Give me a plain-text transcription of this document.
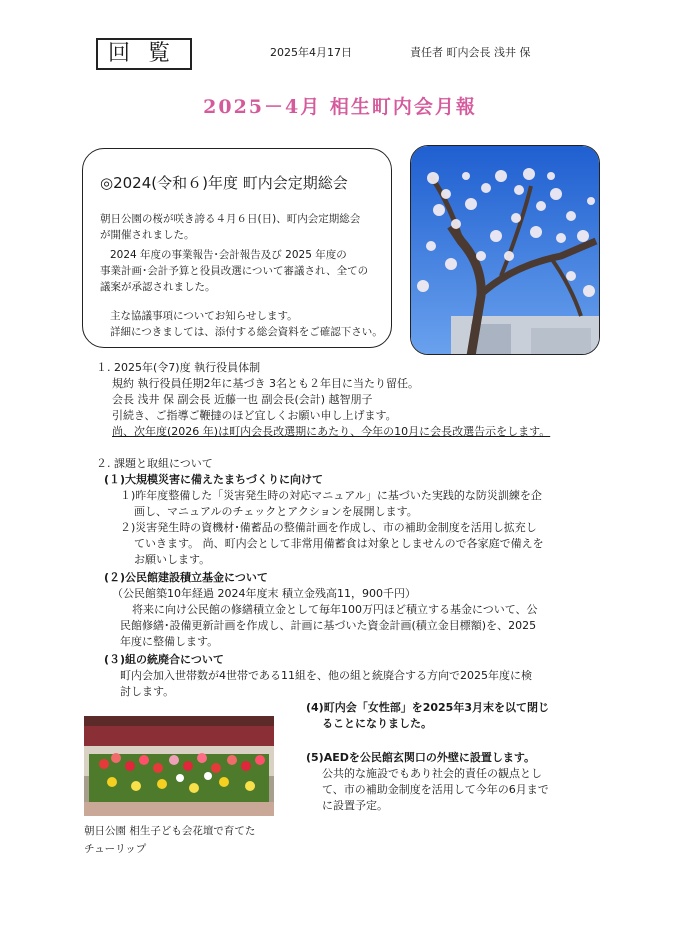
回覧	2025年4月17日	責任者 町内会長 浅井 保
2025－4月 相生町内会月報
◎2024(令和６)年度 町内会定期総会
朝日公園の桜が咲き誇る４月６日(日)、町内会定期総会
が開催されました。
2024 年度の事業報告･会計報告及び 2025 年度の
事業計画･会計予算と役員改選について審議され、全ての
議案が承認されました。
主な協議事項についてお知らせします。
詳細につきましては、添付する総会資料をご確認下さい。
１. 2025年(令7)度 執行役員体制
規約 執行役員任期2年に基づき 3名とも２年目に当たり留任。
会長 浅井 保 副会長 近藤一也 副会長(会計) 越智朋子
引続き、ご指導ご鞭撻のほど宜しくお願い申し上げます。
尚、次年度(2026 年)は町内会長改選期にあたり、今年の10月に会長改選告示をします。
２. 課題と取組について
(１)大規模災害に備えたまちづくりに向けて
１)昨年度整備した「災害発生時の対応マニュアル」に基づいた実践的な防災訓練を企
画し、マニュアルのチェックとアクションを展開します。
２)災害発生時の資機材･備蓄品の整備計画を作成し、市の補助金制度を活用し拡充し
ていきます。 尚、町内会として非常用備蓄食は対象としませんので各家庭で備えを
お願いします。
(２)公民館建設積立基金について
（公民館築10年経過 2024年度末 積立金残高11，900千円）
将来に向け公民館の修繕積立金として毎年100万円ほど積立する基金について、公
民館修繕･設備更新計画を作成し、計画に基づいた資金計画(積立金目標額)を、2025
年度に整備します。
(３)組の統廃合について
町内会加入世帯数が4世帯である11組を、他の組と統廃合する方向で2025年度に検
討します。
(4)町内会「女性部」を2025年3月末を以て閉じ
ることになりました。
(5)AEDを公民館玄関口の外壁に設置します。
公共的な施設でもあり社会的責任の観点とし
て、市の補助金制度を活用して今年の6月まで
に設置予定。
朝日公園 相生子ども会花壇で育てた
チューリップ
